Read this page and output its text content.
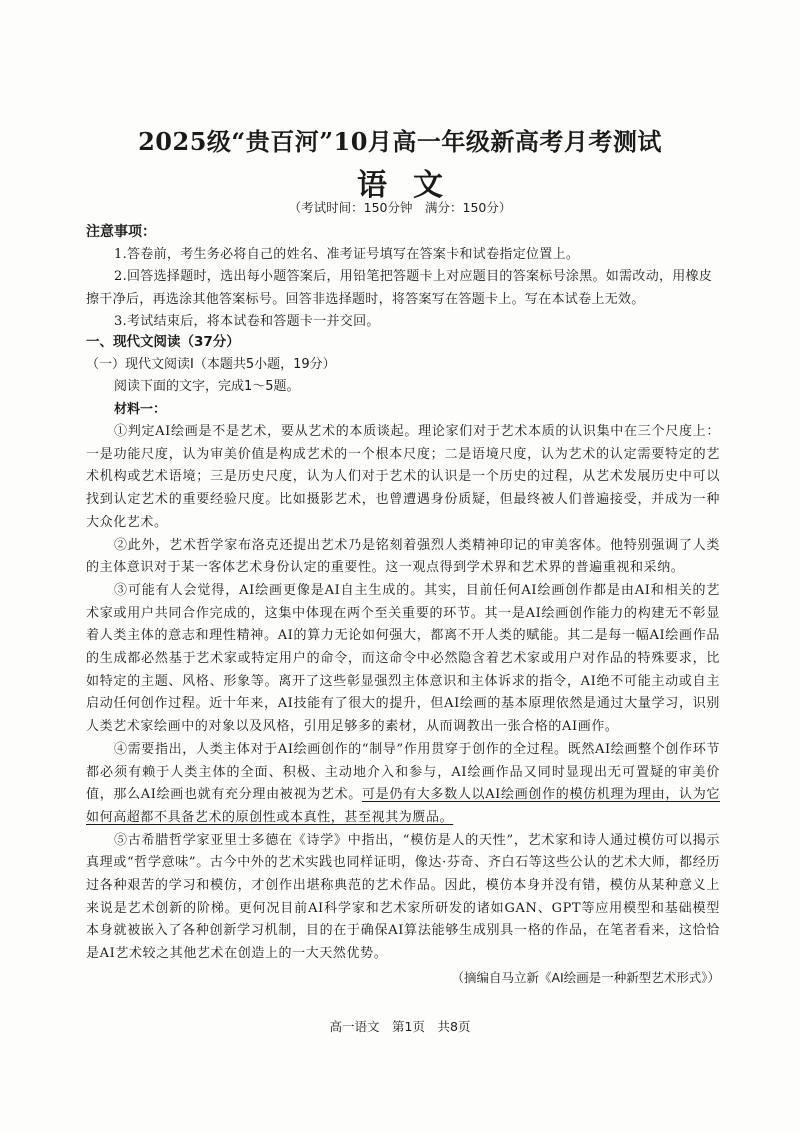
2025级“贵百河”10月高一年级新高考月考测试
语文
（考试时间：150分钟　满分：150分）
注意事项：
1.答卷前，考生务必将自己的姓名、准考证号填写在答案卡和试卷指定位置上。
2.回答选择题时，选出每小题答案后，用铅笔把答题卡上对应题目的答案标号涂黑。如需改动，用橡皮擦干净后，再选涂其他答案标号。回答非选择题时，将答案写在答题卡上。写在本试卷上无效。
3.考试结束后，将本试卷和答题卡一并交回。
一、现代文阅读（37分）
（一）现代文阅读Ⅰ（本题共5小题，19分）
阅读下面的文字，完成1～5题。
材料一：
①判定AI绘画是不是艺术，要从艺术的本质谈起。理论家们对于艺术本质的认识集中在三个尺度上：一是功能尺度，认为审美价值是构成艺术的一个根本尺度；二是语境尺度，认为艺术的认定需要特定的艺术机构或艺术语境；三是历史尺度，认为人们对于艺术的认识是一个历史的过程，从艺术发展历史中可以找到认定艺术的重要经验尺度。比如摄影艺术，也曾遭遇身份质疑，但最终被人们普遍接受，并成为一种大众化艺术。
②此外，艺术哲学家布洛克还提出艺术乃是铭刻着强烈人类精神印记的审美客体。他特别强调了人类的主体意识对于某一客体艺术身份认定的重要性。这一观点得到学术界和艺术界的普遍重视和采纳。
③可能有人会觉得，AI绘画更像是AI自主生成的。其实，目前任何AI绘画创作都是由AI和相关的艺术家或用户共同合作完成的，这集中体现在两个至关重要的环节。其一是AI绘画创作能力的构建无不彰显着人类主体的意志和理性精神。AI的算力无论如何强大，都离不开人类的赋能。其二是每一幅AI绘画作品的生成都必然基于艺术家或特定用户的命令，而这命令中必然隐含着艺术家或用户对作品的特殊要求，比如特定的主题、风格、形象等。离开了这些彰显强烈主体意识和主体诉求的指令，AI绝不可能主动或自主启动任何创作过程。近十年来，AI技能有了很大的提升，但AI绘画的基本原理依然是通过大量学习，识别人类艺术家绘画中的对象以及风格，引用足够多的素材，从而调教出一张合格的AI画作。
④需要指出，人类主体对于AI绘画创作的“制导”作用贯穿于创作的全过程。既然AI绘画整个创作环节都必须有赖于人类主体的全面、积极、主动地介入和参与，AI绘画作品又同时显现出无可置疑的审美价值，那么AI绘画也就有充分理由被视为艺术。可是仍有大多数人以AI绘画创作的模仿机理为理由，认为它如何高超都不具备艺术的原创性或本真性，甚至视其为赝品。
⑤古希腊哲学家亚里士多德在《诗学》中指出，“模仿是人的天性”，艺术家和诗人通过模仿可以揭示真理或“哲学意味”。古今中外的艺术实践也同样证明，像达·芬奇、齐白石等这些公认的艺术大师，都经历过各种艰苦的学习和模仿，才创作出堪称典范的艺术作品。因此，模仿本身并没有错，模仿从某种意义上来说是艺术创新的阶梯。更何况目前AI科学家和艺术家所研发的诸如GAN、GPT等应用模型和基础模型本身就被嵌入了各种创新学习机制，目的在于确保AI算法能够生成别具一格的作品，在笔者看来，这恰恰是AI艺术较之其他艺术在创造上的一大天然优势。
（摘编自马立新《AI绘画是一种新型艺术形式》）
高一语文　第1页　共8页
